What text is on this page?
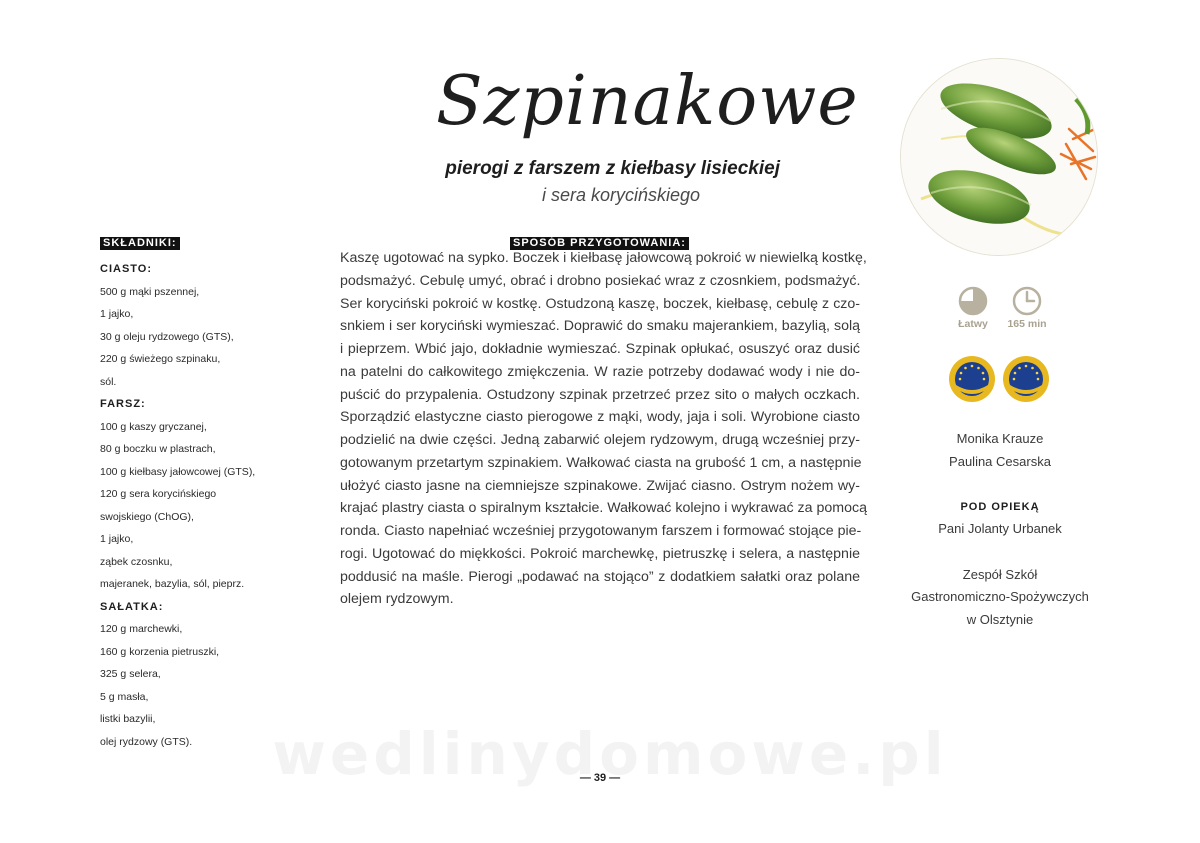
Szpinakowe
pierogi z farszem z kiełbasy lisieckiej
i sera korycińskiego
SKŁADNIKI:
CIASTO:
500 g mąki pszennej,
1 jajko,
30 g oleju rydzowego (GTS),
220 g świeżego szpinaku,
sól.
FARSZ:
100 g kaszy gryczanej,
80 g boczku w plastrach,
100 g kiełbasy jałowcowej (GTS),
120 g sera korycińskiego
swojskiego (ChOG),
1 jajko,
ząbek czosnku,
majeranek, bazylia, sól, pieprz.
SAŁATKA:
120 g marchewki,
160 g korzenia pietruszki,
325 g selera,
5 g masła,
listki bazylii,
olej rydzowy (GTS).
SPOSÓB PRZYGOTOWANIA:
Kaszę ugotować na sypko. Boczek i kiełbasę jałowcową pokroić w niewielką kostkę,
podsmażyć. Cebulę umyć, obrać i drobno posiekać wraz z czosnkiem, podsmażyć.
Ser koryciński pokroić w kostkę. Ostudzoną kaszę, boczek, kiełbasę, cebulę z czo-
snkiem i ser koryciński wymieszać. Doprawić do smaku majerankiem, bazylią, solą
i pieprzem. Wbić jajo, dokładnie wymieszać. Szpinak opłukać, osuszyć oraz dusić
na patelni do całkowitego zmiękczenia. W razie potrzeby dodawać wody i nie do-
puścić do przypalenia. Ostudzony szpinak przetrzeć przez sito o małych oczkach.
Sporządzić elastyczne ciasto pierogowe z mąki, wody, jaja i soli. Wyrobione ciasto
podzielić na dwie części. Jedną zabarwić olejem rydzowym, drugą wcześniej przy-
gotowanym przetartym szpinakiem. Wałkować ciasta na grubość 1 cm, a następnie
ułożyć ciasto jasne na ciemniejsze szpinakowe. Zwijać ciasno. Ostrym nożem wy-
krajać plastry ciasta o spiralnym kształcie. Wałkować kolejno i wykrawać za pomocą
ronda. Ciasto napełniać wcześniej przygotowanym farszem i formować stojące pie-
rogi. Ugotować do miękkości. Pokroić marchewkę, pietruszkę i selera, a następnie
poddusić na maśle. Pierogi „podawać na stojąco” z dodatkiem sałatki oraz polane
olejem rydzowym.
Łatwy	165 min
Monika Krauze
Paulina Cesarska
POD OPIEKĄ
Pani Jolanty Urbanek
Zespół Szkół
Gastronomiczno-Spożywczych
w Olsztynie
— 39 —
